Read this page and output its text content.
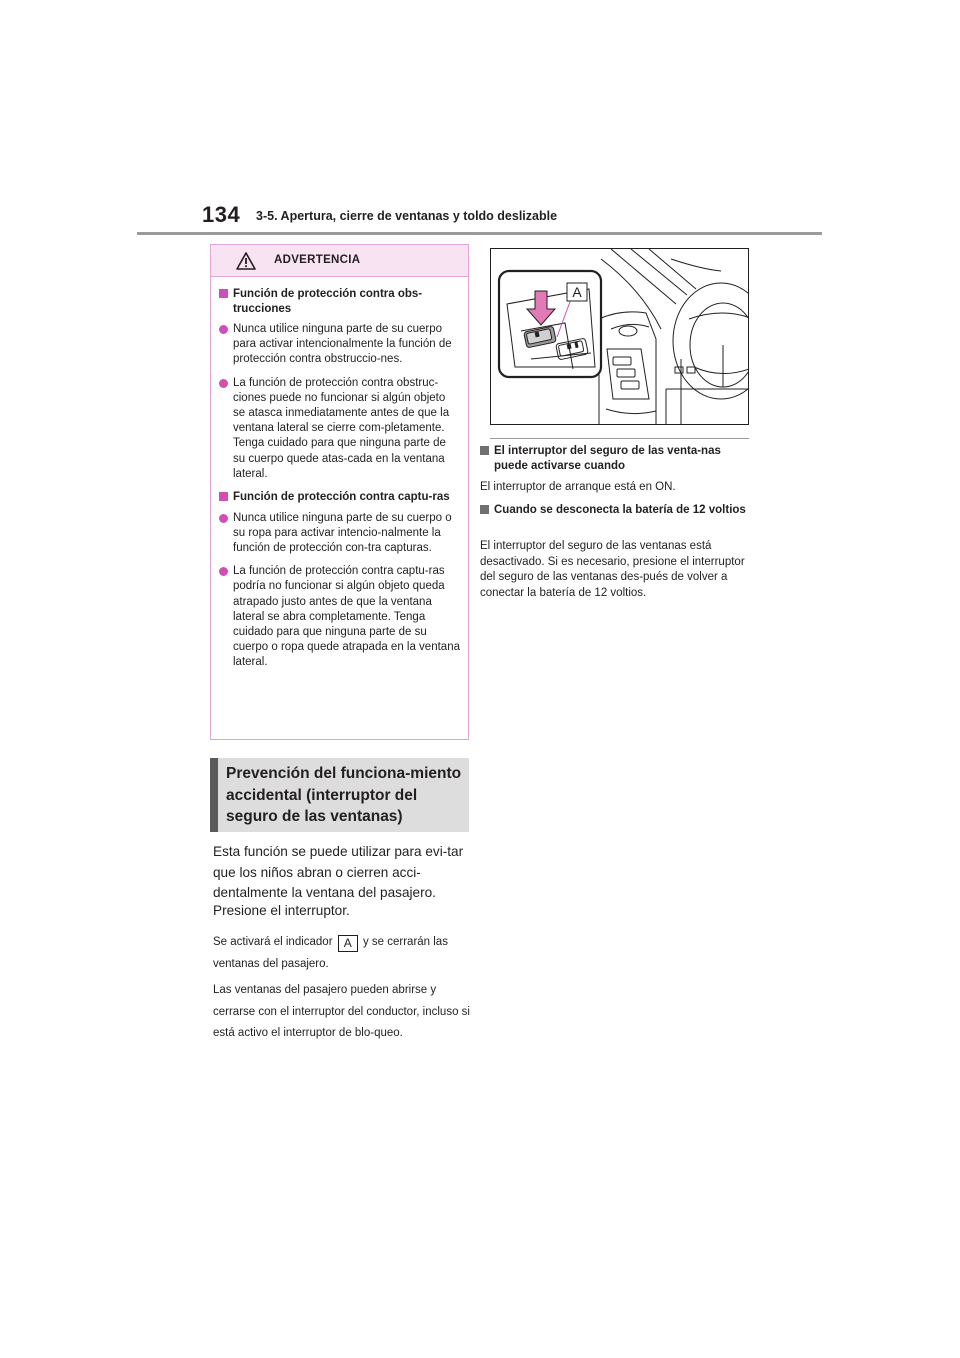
134 3-5. Apertura, cierre de ventanas y toldo deslizable
ADVERTENCIA
Función de protección contra obs-trucciones
Nunca utilice ninguna parte de su cuerpo para activar intencionalmente la función de protección contra obstruccio-nes.
La función de protección contra obstruc-ciones puede no funcionar si algún objeto se atasca inmediatamente antes de que la ventana lateral se cierre com-pletamente. Tenga cuidado para que ninguna parte de su cuerpo quede atas-cada en la ventana lateral.
Función de protección contra captu-ras
Nunca utilice ninguna parte de su cuerpo o su ropa para activar intencio-nalmente la función de protección con-tra capturas.
La función de protección contra captu-ras podría no funcionar si algún objeto queda atrapado justo antes de que la ventana lateral se abra completamente. Tenga cuidado para que ninguna parte de su cuerpo o ropa quede atrapada en la ventana lateral.
Prevención del funciona-miento accidental (interruptor del seguro de las ventanas)
Esta función se puede utilizar para evi-tar que los niños abran o cierren acci-dentalmente la ventana del pasajero.
Presione el interruptor.
Se activará el indicador A y se cerrarán las ventanas del pasajero.
Las ventanas del pasajero pueden abrirse y cerrarse con el interruptor del conductor, incluso si está activo el interruptor de blo-queo.
A
El interruptor del seguro de las venta-nas puede activarse cuando
El interruptor de arranque está en ON.
Cuando se desconecta la batería de 12 voltios
El interruptor del seguro de las ventanas está desactivado. Si es necesario, presione el interruptor del seguro de las ventanas des-pués de volver a conectar la batería de 12 voltios.
